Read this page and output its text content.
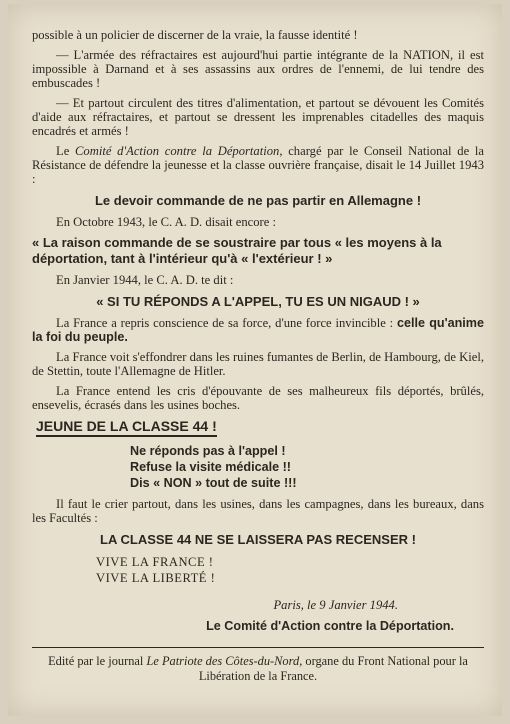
possible à un policier de discerner de la vraie, la fausse identité !

— L'armée des réfractaires est aujourd'hui partie intégrante de la NATION, il est impossible à Darnand et à ses assassins aux ordres de l'ennemi, de lui tendre des embuscades !

— Et partout circulent des titres d'alimentation, et partout se dévouent les Comités d'aide aux réfractaires, et partout se dressent les imprenables citadelles des maquis encadrés et armés !

Le Comité d'Action contre la Déportation, chargé par le Conseil National de la Résistance de défendre la jeunesse et la classe ouvrière française, disait le 14 Juillet 1943 :

Le devoir commande de ne pas partir en Allemagne !

En Octobre 1943, le C. A. D. disait encore :

« La raison commande de se soustraire par tous « les moyens à la déportation, tant à l'intérieur qu'à « l'extérieur ! »

En Janvier 1944, le C. A. D. te dit :

« SI TU RÉPONDS A L'APPEL, TU ES UN NIGAUD ! »

La France a repris conscience de sa force, d'une force invincible : celle qu'anime la foi du peuple.

La France voit s'effondrer dans les ruines fumantes de Berlin, de Hambourg, de Kiel, de Stettin, toute l'Allemagne de Hitler.

La France entend les cris d'épouvante de ses malheureux fils déportés, brûlés, ensevelis, écrasés dans les usines boches.

JEUNE DE LA CLASSE 44 !
Ne réponds pas à l'appel !
Refuse la visite médicale !!
Dis « NON » tout de suite !!!

Il faut le crier partout, dans les usines, dans les campagnes, dans les bureaux, dans les Facultés :

LA CLASSE 44 NE SE LAISSERA PAS RECENSER !

VIVE LA FRANCE !
VIVE LA LIBERTÉ !
Paris, le 9 Janvier 1944.
Le Comité d'Action contre la Déportation.

Edité par le journal Le Patriote des Côtes-du-Nord, organe du Front National pour la Libération de la France.
